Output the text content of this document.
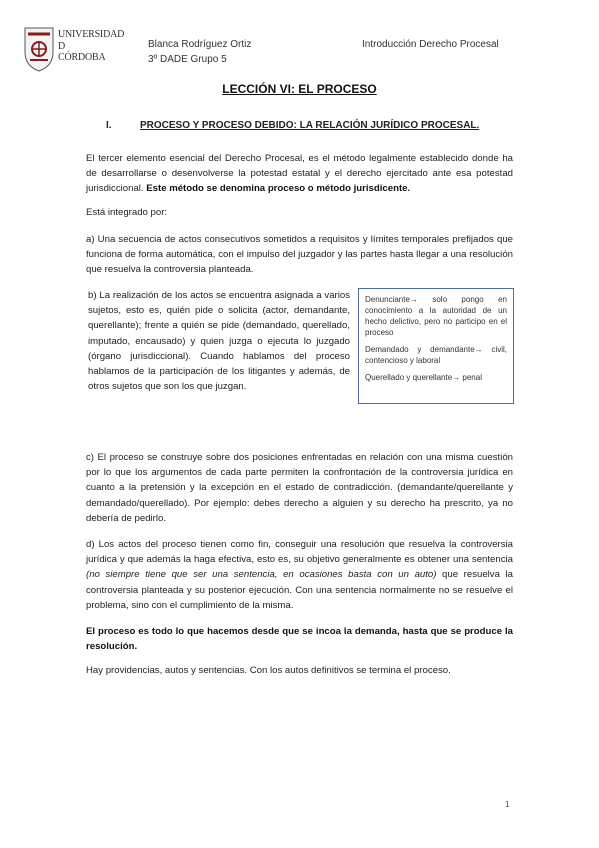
UNIVERSIDAD
D
CÓRDOBA
Blanca Rodríguez Ortiz
3º DADE Grupo 5
Introducción Derecho Procesal
LECCIÓN VI: EL PROCESO
I.	PROCESO Y PROCESO DEBIDO: LA RELACIÓN JURÍDICO PROCESAL.
El tercer elemento esencial del Derecho Procesal, es el método legalmente establecido donde ha de desarrollarse o desenvolverse la potestad estatal y el derecho ejercitado ante esa potestad jurisdiccional. Este método se denomina proceso o método jurisdicente.
Está integrado por:
a) Una secuencia de actos consecutivos sometidos a requisitos y límites temporales prefijados que funciona de forma automática, con el impulso del juzgador y las partes hasta llegar a una resolución que resuelva la controversia planteada.
b) La realización de los actos se encuentra asignada a varios sujetos, esto es, quién pide o solicita (actor, demandante, querellante); frente a quién se pide (demandado, querellado, imputado, encausado) y quien juzga o ejecuta lo juzgado (órgano jurisdiccional). Cuando hablamos del proceso hablamos de la participación de los litigantes y además, de otros sujetos que son los que juzgan.
Denunciante→ solo pongo en conocimiento a la autoridad de un hecho delictivo, pero no participo en el proceso
Demandado y demandante→ civil, contencioso y laboral
Querellado y querellante→ penal
c) El proceso se construye sobre dos posiciones enfrentadas en relación con una misma cuestión por lo que los argumentos de cada parte permiten la confrontación de la controversia jurídica en cuanto a la pretensión y la excepción en el estado de contradicción. (demandante/querellante y demandado/querellado). Por ejemplo: debes derecho a alguien y su derecho ha prescrito, ya no debería de pedirlo.
d) Los actos del proceso tienen como fin, conseguir una resolución que resuelva la controversia jurídica y que además la haga efectiva, esto es, su objetivo generalmente es obtener una sentencia (no siempre tiene que ser una sentencia, en ocasiones basta con un auto) que resuelva la controversia planteada y su posterior ejecución. Con una sentencia normalmente no se resuelve el problema, sino con el cumplimiento de la misma.
El proceso es todo lo que hacemos desde que se incoa la demanda, hasta que se produce la resolución.
Hay providencias, autos y sentencias. Con los autos definitivos se termina el proceso.
1
